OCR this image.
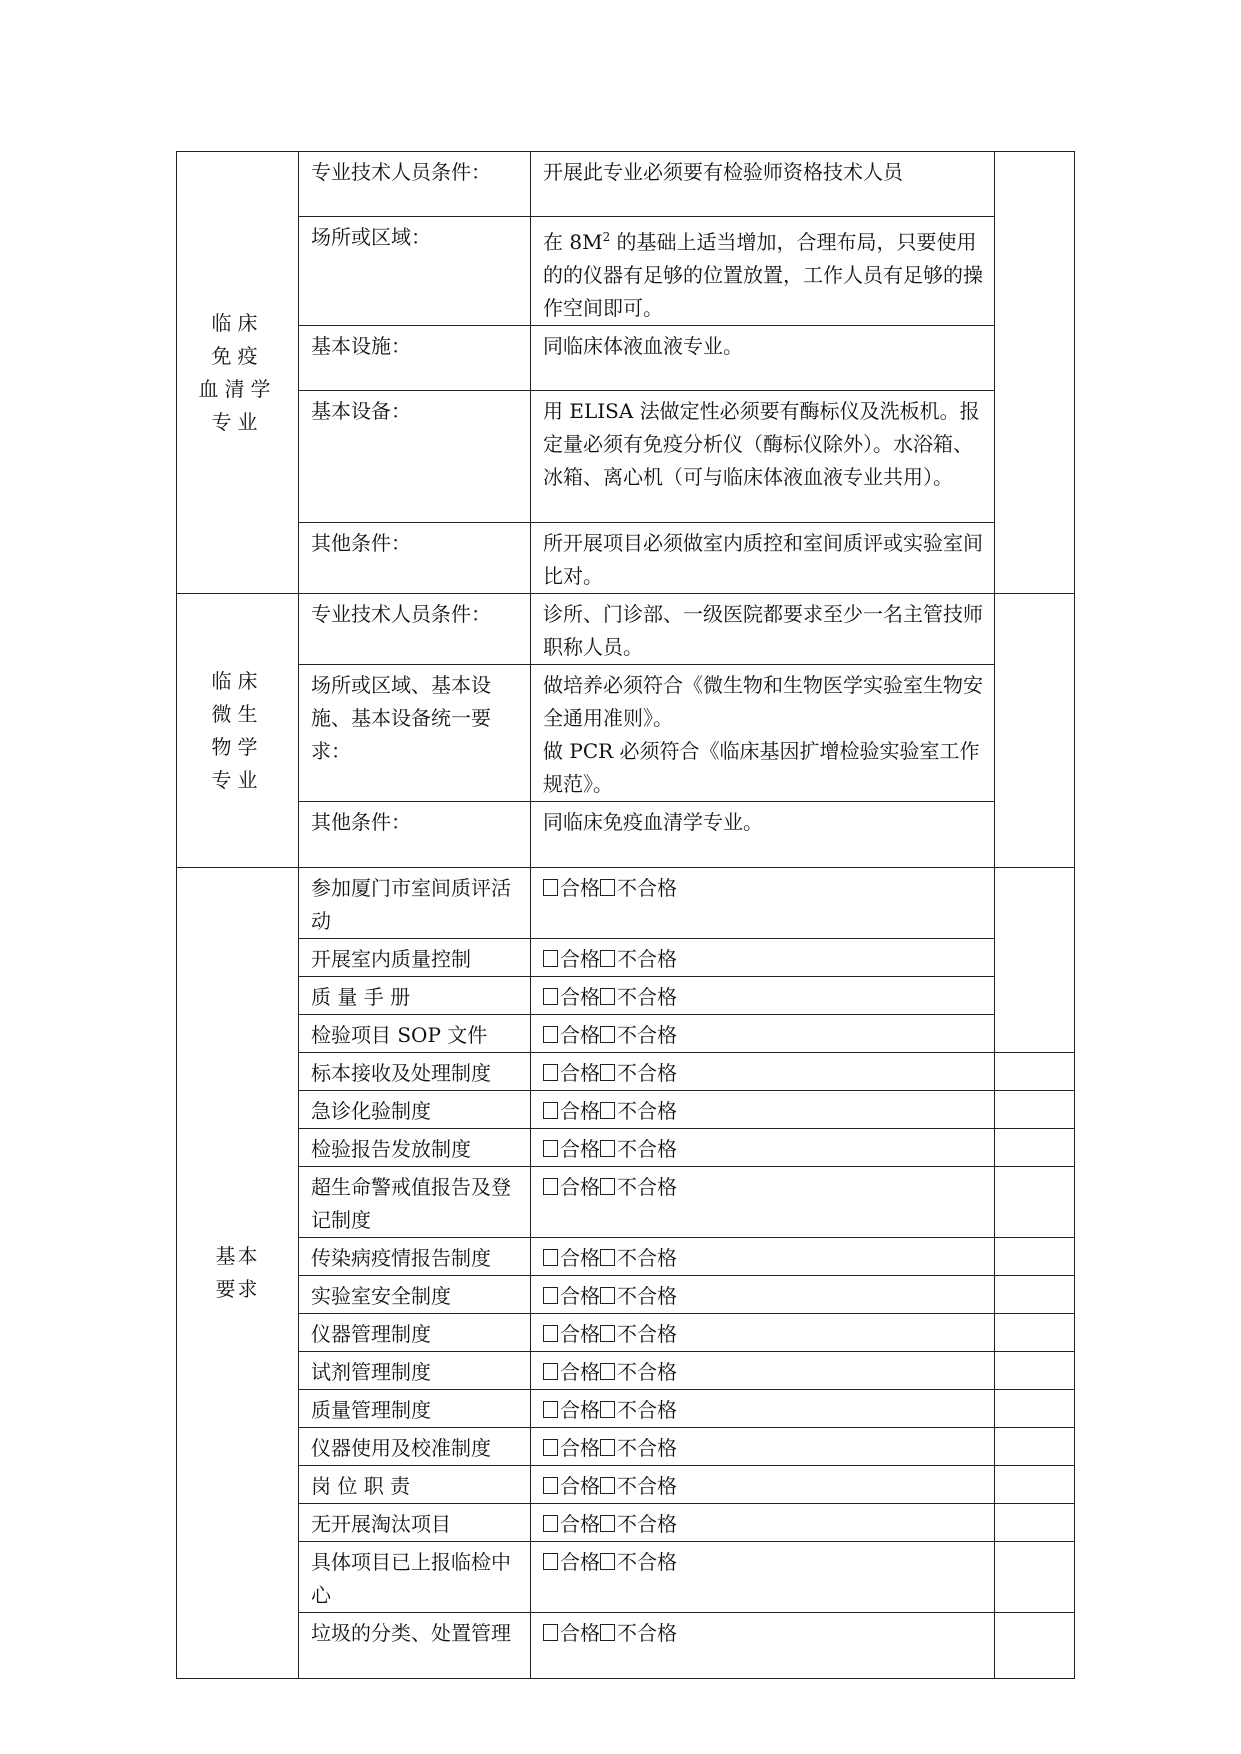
临床
免疫
血清学
专业	专业技术人员条件：	开展此专业必须要有检验师资格技术人员	
	场所或区域：	在 $8M^2$ 的基础上适当增加，合理布局，只要使用的的仪器有足够的位置放置，工作人员有足够的操作空间即可。	
	基本设施：	同临床体液血液专业。	
	基本设备：	用 ELISA 法做定性必须要有酶标仪及洗板机。报定量必须有免疫分析仪（酶标仪除外）。水浴箱、冰箱、离心机（可与临床体液血液专业共用）。	
	其他条件：	所开展项目必须做室内质控和室间质评或实验室间比对。	

临床
微生
物学
专业	专业技术人员条件：	诊所、门诊部、一级医院都要求至少一名主管技师职称人员。	
	场所或区域、基本设施、基本设备统一要求：	做培养必须符合《微生物和生物医学实验室生物安全通用准则》。
做 PCR 必须符合《临床基因扩增检验实验室工作规范》。	

	其他条件：	同临床免疫血清学专业。	

基本
要求	参加厦门市室间质评活动	合格 不合格	
	开展室内质量控制	合格 不合格	
	质 量 手 册	合格 不合格	
	检验项目 SOP 文件	合格 不合格	
	标本接收及处理制度	合格 不合格	
	急诊化验制度	合格 不合格	
	检验报告发放制度	合格 不合格	
	超生命警戒值报告及登记制度	合格 不合格	
	传染病疫情报告制度	合格 不合格	
	实验室安全制度	合格 不合格	
	仪器管理制度	合格 不合格	
	试剂管理制度	合格 不合格	
	质量管理制度	合格 不合格	
	仪器使用及校准制度	合格 不合格	
	岗 位 职 责	合格 不合格	
	无开展淘汰项目	合格 不合格	
	具体项目已上报临检中心	合格 不合格	
	垃圾的分类、处置管理	合格 不合格	
